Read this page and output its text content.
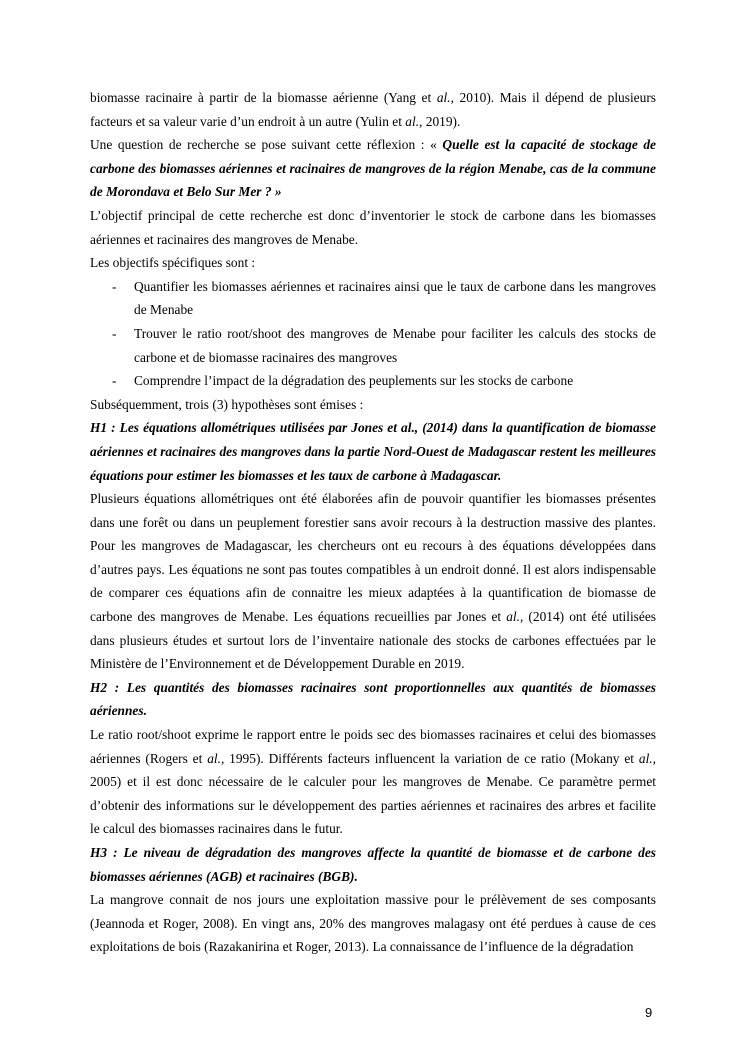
biomasse racinaire à partir de la biomasse aérienne (Yang et al., 2010). Mais il dépend de plusieurs facteurs et sa valeur varie d’un endroit à un autre (Yulin et al., 2019).

Une question de recherche se pose suivant cette réflexion : « Quelle est la capacité de stockage de carbone des biomasses aériennes et racinaires de mangroves de la région Menabe, cas de la commune de Morondava et Belo Sur Mer ? »

L’objectif principal de cette recherche est donc d’inventorier le stock de carbone dans les biomasses aériennes et racinaires des mangroves de Menabe.

Les objectifs spécifiques sont :

- Quantifier les biomasses aériennes et racinaires ainsi que le taux de carbone dans les mangroves de Menabe
- Trouver le ratio root/shoot des mangroves de Menabe pour faciliter les calculs des stocks de carbone et de biomasse racinaires des mangroves
- Comprendre l’impact de la dégradation des peuplements sur les stocks de carbone

Subséquemment, trois (3) hypothèses sont émises :

H1 : Les équations allométriques utilisées par Jones et al., (2014) dans la quantification de biomasse aériennes et racinaires des mangroves dans la partie Nord-Ouest de Madagascar restent les meilleures équations pour estimer les biomasses et les taux de carbone à Madagascar.

Plusieurs équations allométriques ont été élaborées afin de pouvoir quantifier les biomasses présentes dans une forêt ou dans un peuplement forestier sans avoir recours à la destruction massive des plantes. Pour les mangroves de Madagascar, les chercheurs ont eu recours à des équations développées dans d’autres pays. Les équations ne sont pas toutes compatibles à un endroit donné. Il est alors indispensable de comparer ces équations afin de connaitre les mieux adaptées à la quantification de biomasse de carbone des mangroves de Menabe. Les équations recueillies par Jones et al., (2014) ont été utilisées dans plusieurs études et surtout lors de l’inventaire nationale des stocks de carbones effectuées par le Ministère de l’Environnement et de Développement Durable en 2019.

H2 : Les quantités des biomasses racinaires sont proportionnelles aux quantités de biomasses aériennes.

Le ratio root/shoot exprime le rapport entre le poids sec des biomasses racinaires et celui des biomasses aériennes (Rogers et al., 1995). Différents facteurs influencent la variation de ce ratio (Mokany et al., 2005) et il est donc nécessaire de le calculer pour les mangroves de Menabe. Ce paramètre permet d’obtenir des informations sur le développement des parties aériennes et racinaires des arbres et facilite le calcul des biomasses racinaires dans le futur.

H3 : Le niveau de dégradation des mangroves affecte la quantité de biomasse et de carbone des biomasses aériennes (AGB) et racinaires (BGB).

La mangrove connait de nos jours une exploitation massive pour le prélèvement de ses composants (Jeannoda et Roger, 2008). En vingt ans, 20% des mangroves malagasy ont été perdues à cause de ces exploitations de bois (Razakanirina et Roger, 2013). La connaissance de l’influence de la dégradation

9
